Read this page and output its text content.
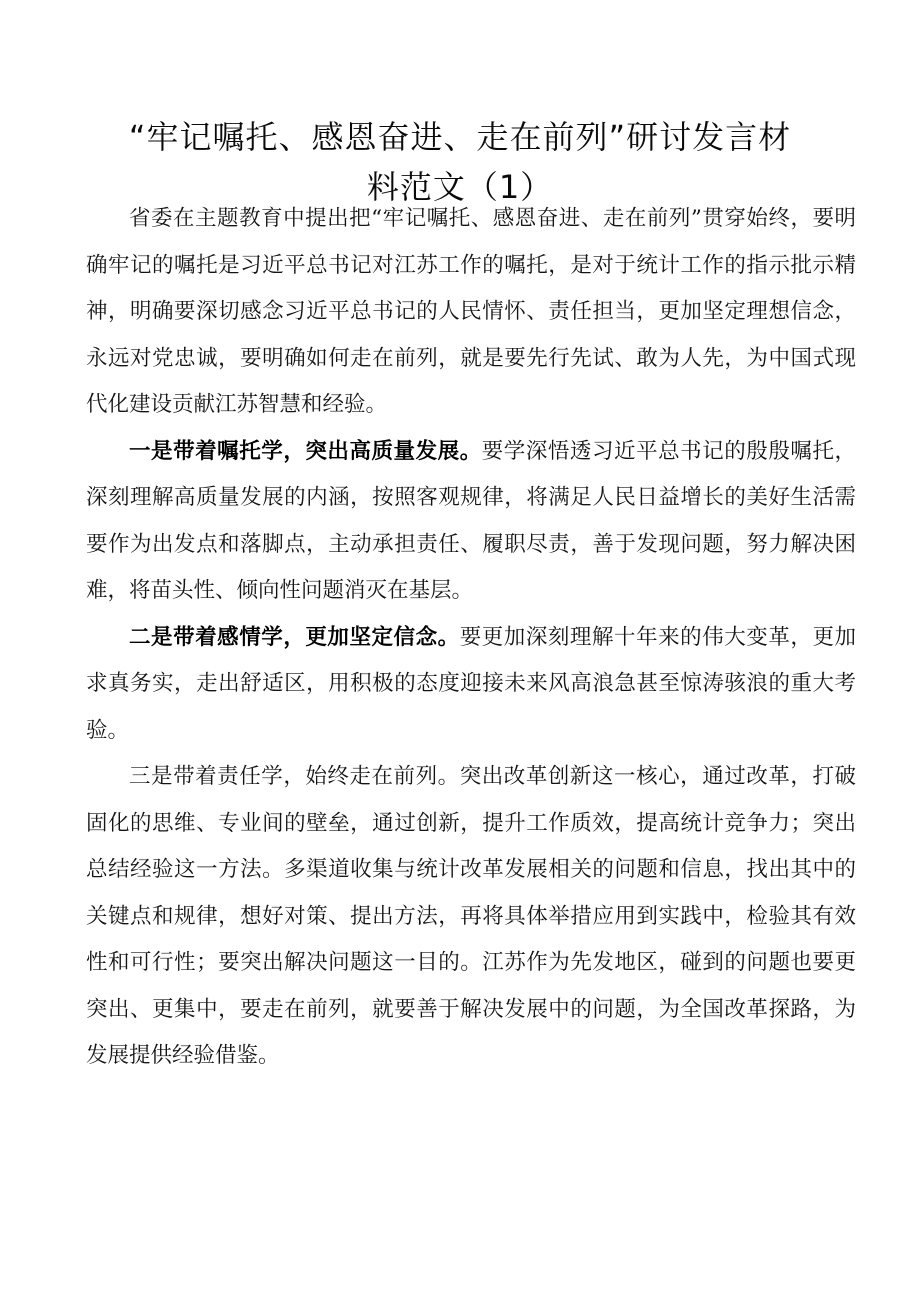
“牢记嘱托、感恩奋进、走在前列”研讨发言材
料范文（1）

省委在主题教育中提出把“牢记嘱托、感恩奋进、走在前列”贯穿始终，要明确牢记的嘱托是习近平总书记对江苏工作的嘱托，是对于统计工作的指示批示精神，明确要深切感念习近平总书记的人民情怀、责任担当，更加坚定理想信念，永远对党忠诚，要明确如何走在前列，就是要先行先试、敢为人先，为中国式现代化建设贡献江苏智慧和经验。

一是带着嘱托学，突出高质量发展。要学深悟透习近平总书记的殷殷嘱托，深刻理解高质量发展的内涵，按照客观规律，将满足人民日益增长的美好生活需要作为出发点和落脚点，主动承担责任、履职尽责，善于发现问题，努力解决困难，将苗头性、倾向性问题消灭在基层。

二是带着感情学，更加坚定信念。要更加深刻理解十年来的伟大变革，更加求真务实，走出舒适区，用积极的态度迎接未来风高浪急甚至惊涛骇浪的重大考验。

三是带着责任学，始终走在前列。突出改革创新这一核心，通过改革，打破固化的思维、专业间的壁垒，通过创新，提升工作质效，提高统计竞争力；突出总结经验这一方法。多渠道收集与统计改革发展相关的问题和信息，找出其中的关键点和规律，想好对策、提出方法，再将具体举措应用到实践中，检验其有效性和可行性；要突出解决问题这一目的。江苏作为先发地区，碰到的问题也要更突出、更集中，要走在前列，就要善于解决发展中的问题，为全国改革探路，为发展提供经验借鉴。
